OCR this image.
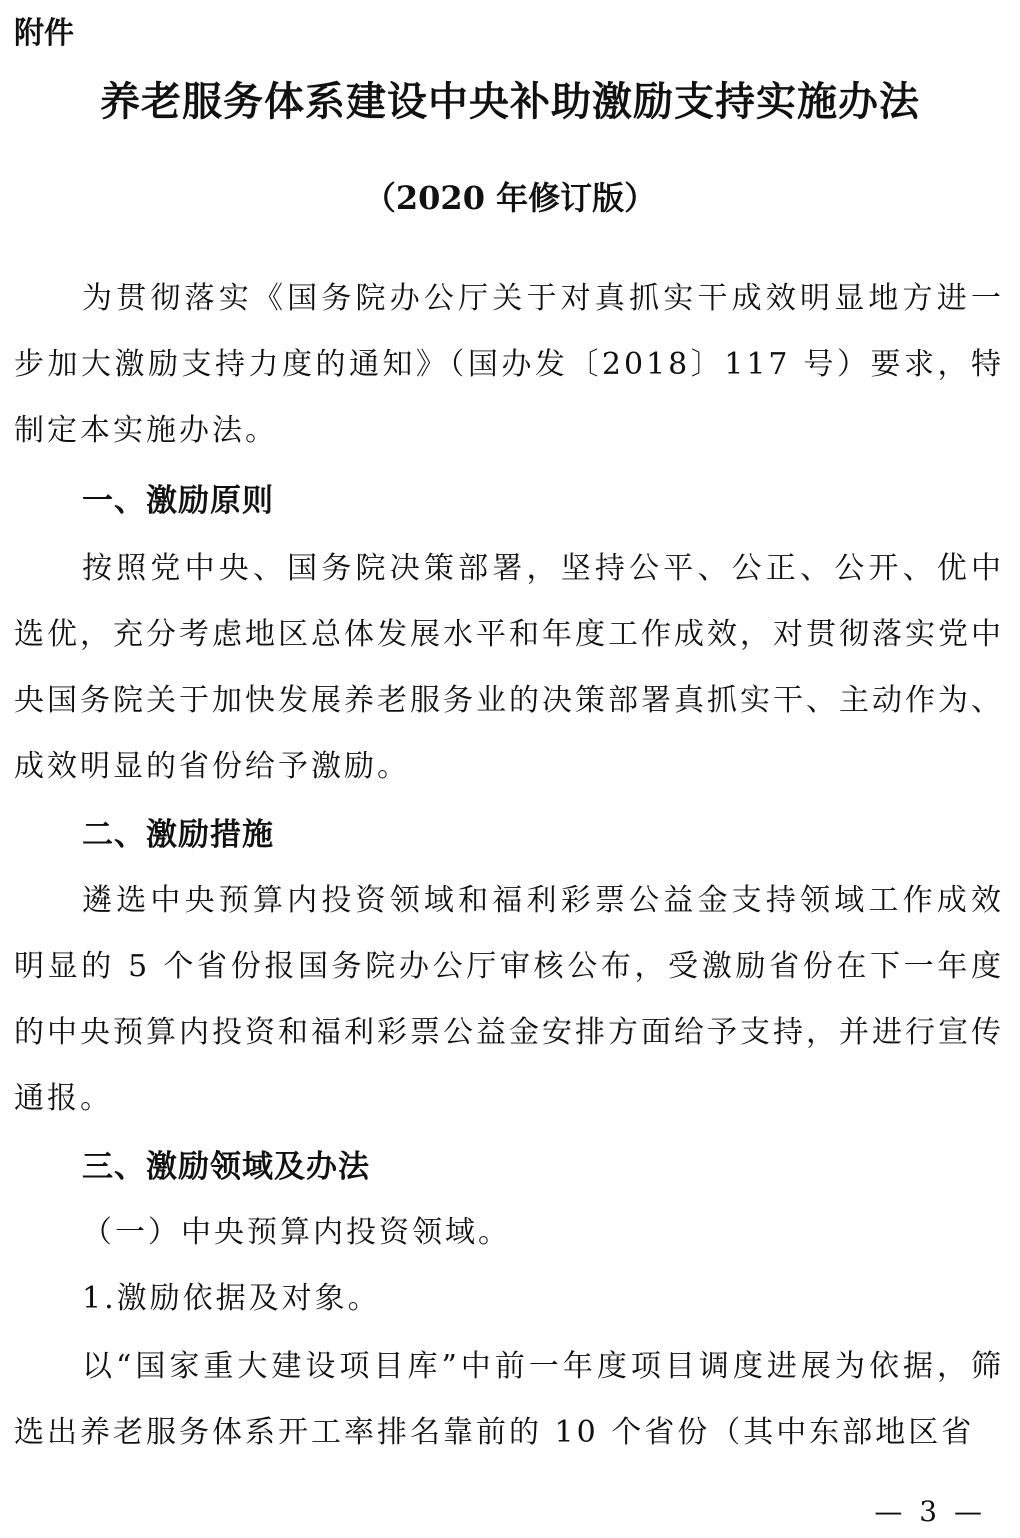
附件
养老服务体系建设中央补助激励支持实施办法
（2020 年修订版）

为贯彻落实《国务院办公厅关于对真抓实干成效明显地方进一步加大激励支持力度的通知》（国办发〔2018〕117 号）要求，特制定本实施办法。

一、激励原则

按照党中央、国务院决策部署，坚持公平、公正、公开、优中选优，充分考虑地区总体发展水平和年度工作成效，对贯彻落实党中央国务院关于加快发展养老服务业的决策部署真抓实干、主动作为、成效明显的省份给予激励。

二、激励措施

遴选中央预算内投资领域和福利彩票公益金支持领域工作成效明显的 5 个省份报国务院办公厅审核公布，受激励省份在下一年度的中央预算内投资和福利彩票公益金安排方面给予支持，并进行宣传通报。

三、激励领域及办法
（一）中央预算内投资领域。
1.激励依据及对象。

以“国家重大建设项目库”中前一年度项目调度进展为依据，筛选出养老服务体系开工率排名靠前的 10 个省份（其中东部地区省

— 3 —
